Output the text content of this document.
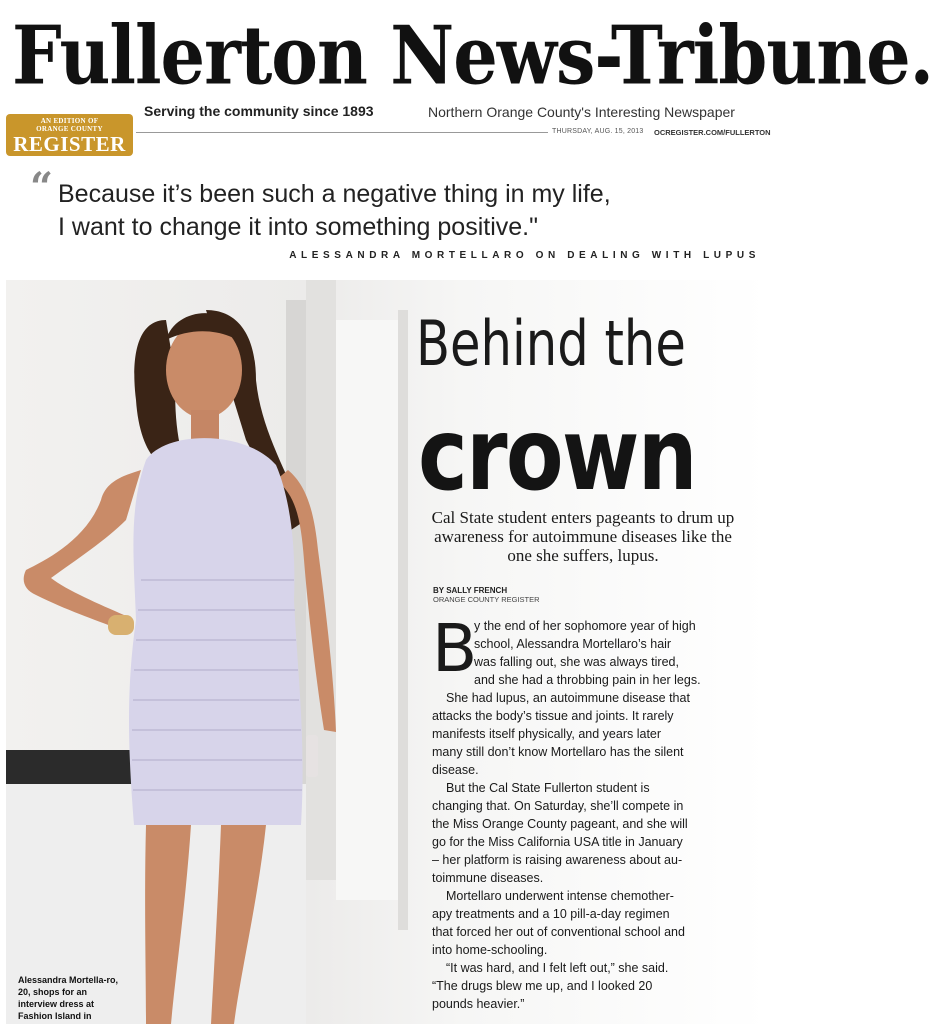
Fullerton News-Tribune.
AN EDITION OF
ORANGE COUNTY
REGISTER
Serving the community since 1893	Northern Orange County's Interesting Newspaper
THURSDAY, AUG. 15, 2013 OCREGISTER.COM/FULLERTON
“ Because it’s been such a negative thing in my life,
I want to change it into something positive."
ALESSANDRA MORTELLARO ON DEALING WITH LUPUS
Behind the
crown
Cal State student enters pageants to drum up awareness for autoimmune diseases like the one she suffers, lupus.
BY SALLY FRENCH
ORANGE COUNTY REGISTER
B
y the end of her sophomore year of high
school, Alessandra Mortellaro’s hair
was falling out, she was always tired,
and she had a throbbing pain in her legs.
She had lupus, an autoimmune disease that
attacks the body’s tissue and joints. It rarely
manifests itself physically, and years later
many still don’t know Mortellaro has the silent
disease.
But the Cal State Fullerton student is
changing that. On Saturday, she’ll compete in
the Miss Orange County pageant, and she will
go for the Miss California USA title in January
– her platform is raising awareness about au-
toimmune diseases.
Mortellaro underwent intense chemother-
apy treatments and a 10 pill-a-day regimen
that forced her out of conventional school and
into home-schooling.
“It was hard, and I felt left out,” she said.
“The drugs blew me up, and I looked 20
pounds heavier.”
Alessandra Mortella-ro, 20, shops for an interview dress at Fashion Island in
